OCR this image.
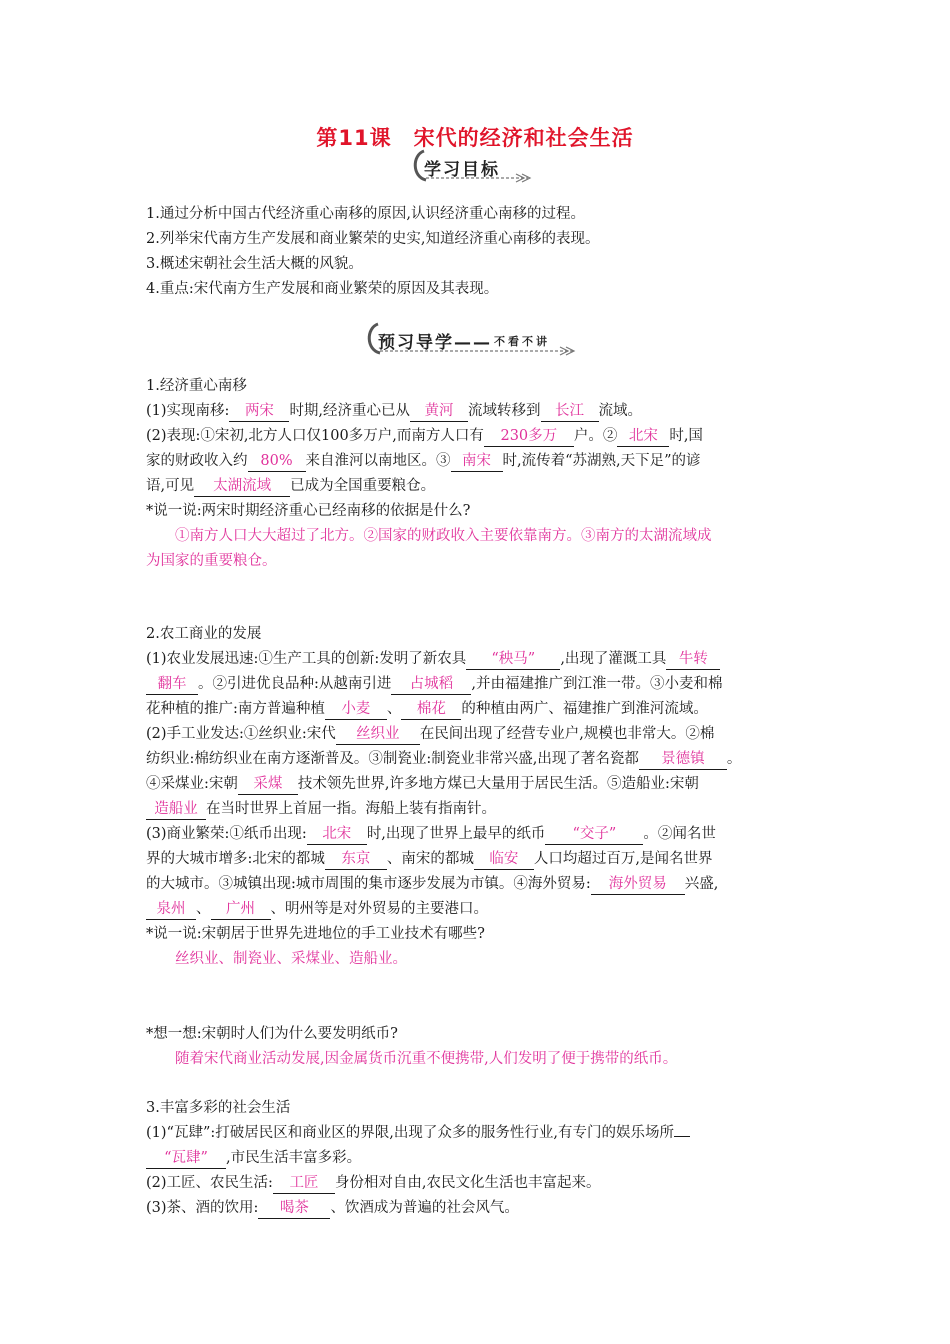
第11课　宋代的经济和社会生活
学习目标

1.通过分析中国古代经济重心南移的原因,认识经济重心南移的过程。

2.列举宋代南方生产发展和商业繁荣的史实,知道经济重心南移的表现。

3.概述宋朝社会生活大概的风貌。

4.重点:宋代南方生产发展和商业繁荣的原因及其表现。

预习导学—— 不看不讲

1.经济重心南移

(1)实现南移: 两宋 时期,经济重心已从 黄河 流域转移到 长江 流域。

(2)表现:①宋初,北方人口仅100多万户,而南方人口有 230多万 户。② 北宋 时,国

家的财政收入约 80% 来自淮河以南地区。③ 南宋 时,流传着“苏湖熟,天下足”的谚

语,可见 太湖流域 已成为全国重要粮仓。

*说一说:两宋时期经济重心已经南移的依据是什么?

①南方人口大大超过了北方。②国家的财政收入主要依靠南方。③南方的太湖流域成

为国家的重要粮仓。

2.农工商业的发展

(1)农业发展迅速:①生产工具的创新:发明了新农具 “秧马” ,出现了灌溉工具 牛转

翻车 。②引进优良品种:从越南引进 占城稻 ,并由福建推广到江淮一带。③小麦和棉

花种植的推广:南方普遍种植 小麦 、 棉花 的种植由两广、福建推广到淮河流域。

(2)手工业发达:①丝织业:宋代 丝织业 在民间出现了经营专业户,规模也非常大。②棉

纺织业:棉纺织业在南方逐渐普及。③制瓷业:制瓷业非常兴盛,出现了著名瓷都 景德镇 。

④采煤业:宋朝 采煤 技术领先世界,许多地方煤已大量用于居民生活。⑤造船业:宋朝

造船业 在当时世界上首屈一指。海船上装有指南针。

(3)商业繁荣:①纸币出现: 北宋 时,出现了世界上最早的纸币 “交子” 。②闻名世

界的大城市增多:北宋的都城 东京 、南宋的都城 临安 人口均超过百万,是闻名世界

的大城市。③城镇出现:城市周围的集市逐步发展为市镇。④海外贸易: 海外贸易 兴盛,

泉州 、 广州 、明州等是对外贸易的主要港口。

*说一说:宋朝居于世界先进地位的手工业技术有哪些?

丝织业、制瓷业、采煤业、造船业。

*想一想:宋朝时人们为什么要发明纸币?

随着宋代商业活动发展,因金属货币沉重不便携带,人们发明了便于携带的纸币。

3.丰富多彩的社会生活

(1)“瓦肆”:打破居民区和商业区的界限,出现了众多的服务性行业,有专门的娱乐场所

“瓦肆” ,市民生活丰富多彩。

(2)工匠、农民生活: 工匠 身份相对自由,农民文化生活也丰富起来。

(3)茶、酒的饮用: 喝茶 、饮酒成为普遍的社会风气。
